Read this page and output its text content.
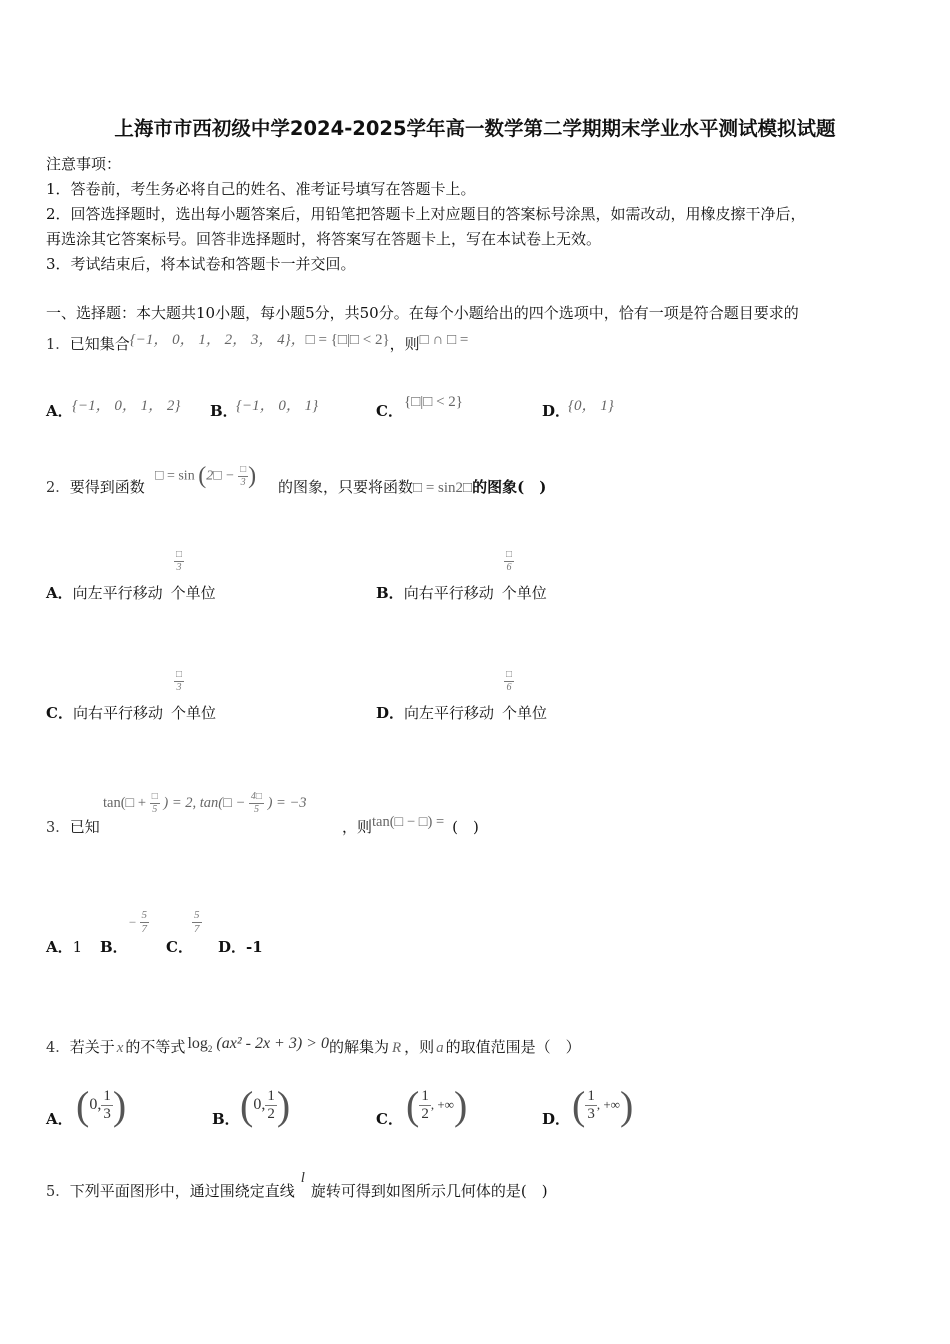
上海市市西初级中学2024-2025学年高一数学第二学期期末学业水平测试模拟试题
注意事项：
1．答卷前，考生务必将自己的姓名、准考证号填写在答题卡上。
2．回答选择题时，选出每小题答案后，用铅笔把答题卡上对应题目的答案标号涂黑，如需改动，用橡皮擦干净后，
再选涂其它答案标号。回答非选择题时，将答案写在答题卡上，写在本试卷上无效。
3．考试结束后，将本试卷和答题卡一并交回。
一、选择题：本大题共10小题，每小题5分，共50分。在每个小题给出的四个选项中，恰有一项是符合题目要求的
1．已知集合{−1， 0， 1， 2， 3， 4}，□ = {□|□ < 2}，则□ ∩ □ =
A． {−1， 0， 1， 2} B．
{−1， 0， 1}	C． {□|□ < 2}	D．
{0， 1}
2．要得到函数
□ = sin (2□ − $\frac{□}{3}$ ) 的图象，只要将函数□ = sin2□的图象(　)
□
3
A．向左平行移动 个单位
□
6
B．向右平行移动 个单位
□
3
C．向右平行移动 个单位
□
6
D．向左平行移动 个单位
tan(□ + $\frac{□}{5}$ ) = 2, tan(□ − $\frac{4□}{5}$ ) = −3
3．已知	，则tan(□ − □) = (　)
A．1 B．
− $\frac{5}{7}$
C．
$\frac{5}{7}$
D．-1
4．若关于 x 的不等式 $\log_2 (ax^2 - 2x + 3) > 0$的解集为 R ，则 a 的取值范围是（　）
A． (0, $\frac{1}{3}$ )	B． (0, $\frac{1}{2}$ )	C． ( $\frac{1}{2}$ , +∞)	D． ( $\frac{1}{3}$ , +∞)
5．下列平面图形中，通过围绕定直线l旋转可得到如图所示几何体的是(　)
